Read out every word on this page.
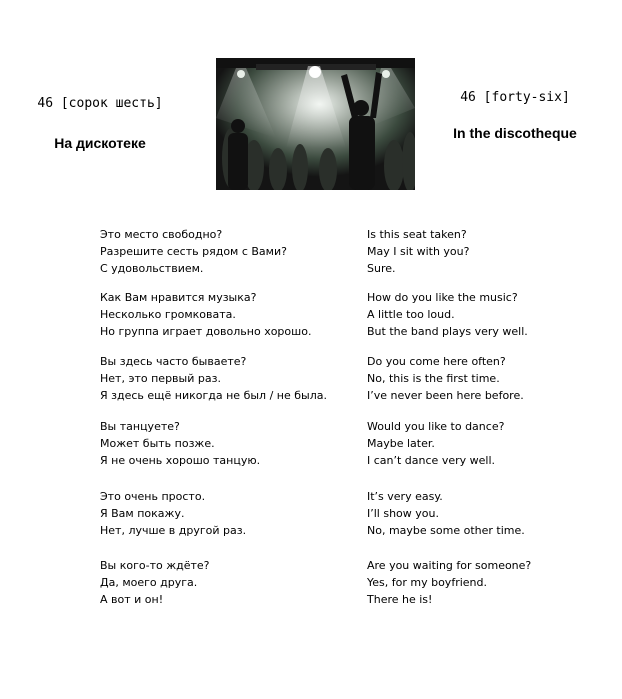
46 [сорок шесть]

На дискотеке

46 [forty-six]

In the discotheque

Это место свободно?
Разрешите сесть рядом с Вами?
С удовольствием.
Is this seat taken?
May I sit with you?
Sure.
Как Вам нравится музыка?
Несколько громковата.
Но группа играет довольно хорошо.
How do you like the music?
A little too loud.
But the band plays very well.
Вы здесь часто бываете?
Нет, это первый раз.
Я здесь ещё никогда не был / не была.
Do you come here often?
No, this is the first time.
I’ve never been here before.
Вы танцуете?
Может быть позже.
Я не очень хорошо танцую.
Would you like to dance?
Maybe later.
I can’t dance very well.
Это очень просто.
Я Вам покажу.
Нет, лучше в другой раз.
It’s very easy.
I’ll show you.
No, maybe some other time.
Вы кого-то ждёте?
Да, моего друга.
А вот и он!
Are you waiting for someone?
Yes, for my boyfriend.
There he is!
